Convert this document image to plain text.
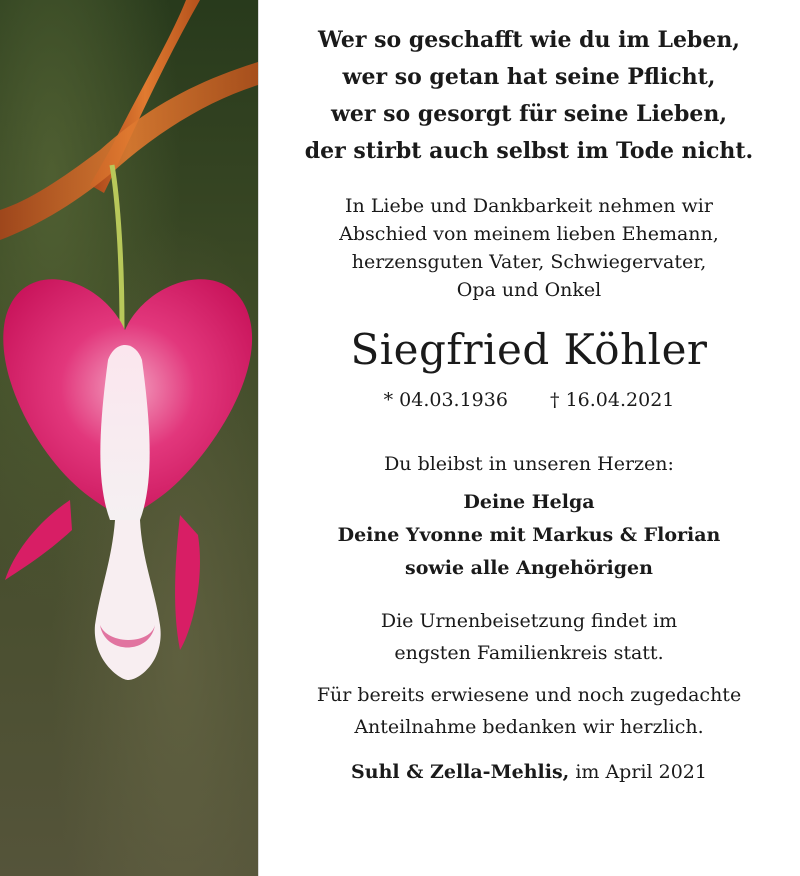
Wer so geschafft wie du im Leben,
wer so getan hat seine Pflicht,
wer so gesorgt für seine Lieben,
der stirbt auch selbst im Tode nicht.
In Liebe und Dankbarkeit nehmen wir
Abschied von meinem lieben Ehemann,
herzensguten Vater, Schwiegervater,
Opa und Onkel
Siegfried Köhler
* 04.03.1936 † 16.04.2021
Du bleibst in unseren Herzen:
Deine Helga
Deine Yvonne mit Markus & Florian
sowie alle Angehörigen
Die Urnenbeisetzung findet im
engsten Familienkreis statt.
Für bereits erwiesene und noch zugedachte
Anteilnahme bedanken wir herzlich.
Suhl & Zella-Mehlis, im April 2021
